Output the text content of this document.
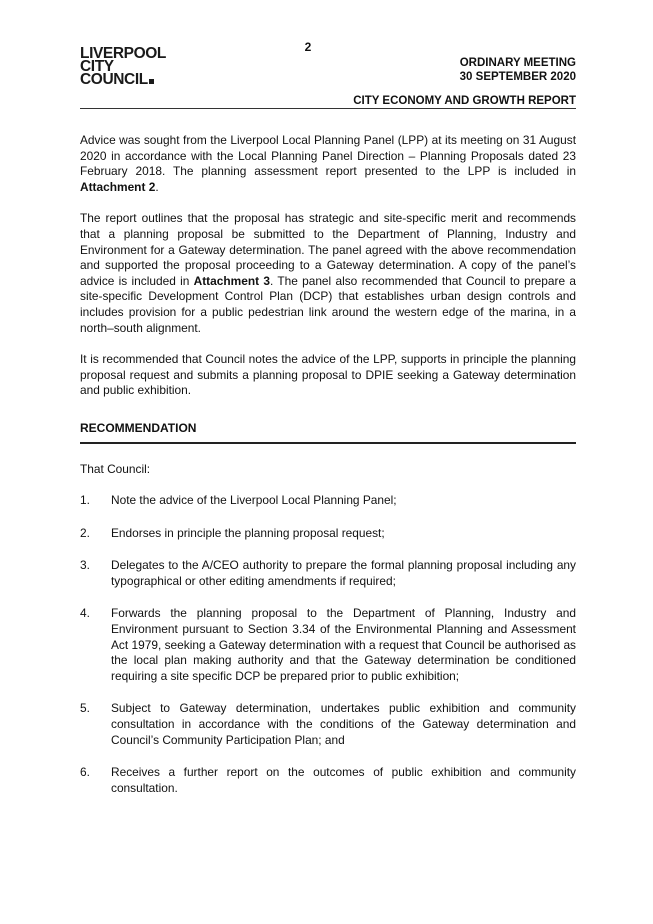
2
LIVERPOOL
CITY
COUNCIL
ORDINARY MEETING
30 SEPTEMBER 2020
CITY ECONOMY AND GROWTH REPORT

Advice was sought from the Liverpool Local Planning Panel (LPP) at its meeting on 31 August 2020 in accordance with the Local Planning Panel Direction – Planning Proposals dated 23 February 2018. The planning assessment report presented to the LPP is included in Attachment 2.

The report outlines that the proposal has strategic and site-specific merit and recommends that a planning proposal be submitted to the Department of Planning, Industry and Environment for a Gateway determination. The panel agreed with the above recommendation and supported the proposal proceeding to a Gateway determination. A copy of the panel’s advice is included in Attachment 3. The panel also recommended that Council to prepare a site-specific Development Control Plan (DCP) that establishes urban design controls and includes provision for a public pedestrian link around the western edge of the marina, in a north–south alignment.

It is recommended that Council notes the advice of the LPP, supports in principle the planning proposal request and submits a planning proposal to DPIE seeking a Gateway determination and public exhibition.

RECOMMENDATION
That Council:
1.	Note the advice of the Liverpool Local Planning Panel;
2.	Endorses in principle the planning proposal request;
3.	Delegates to the A/CEO authority to prepare the formal planning proposal including any typographical or other editing amendments if required;
4.	Forwards the planning proposal to the Department of Planning, Industry and Environment pursuant to Section 3.34 of the Environmental Planning and Assessment Act 1979, seeking a Gateway determination with a request that Council be authorised as the local plan making authority and that the Gateway determination be conditioned requiring a site specific DCP be prepared prior to public exhibition;
5.	Subject to Gateway determination, undertakes public exhibition and community consultation in accordance with the conditions of the Gateway determination and Council’s Community Participation Plan; and
6.	Receives a further report on the outcomes of public exhibition and community consultation.
